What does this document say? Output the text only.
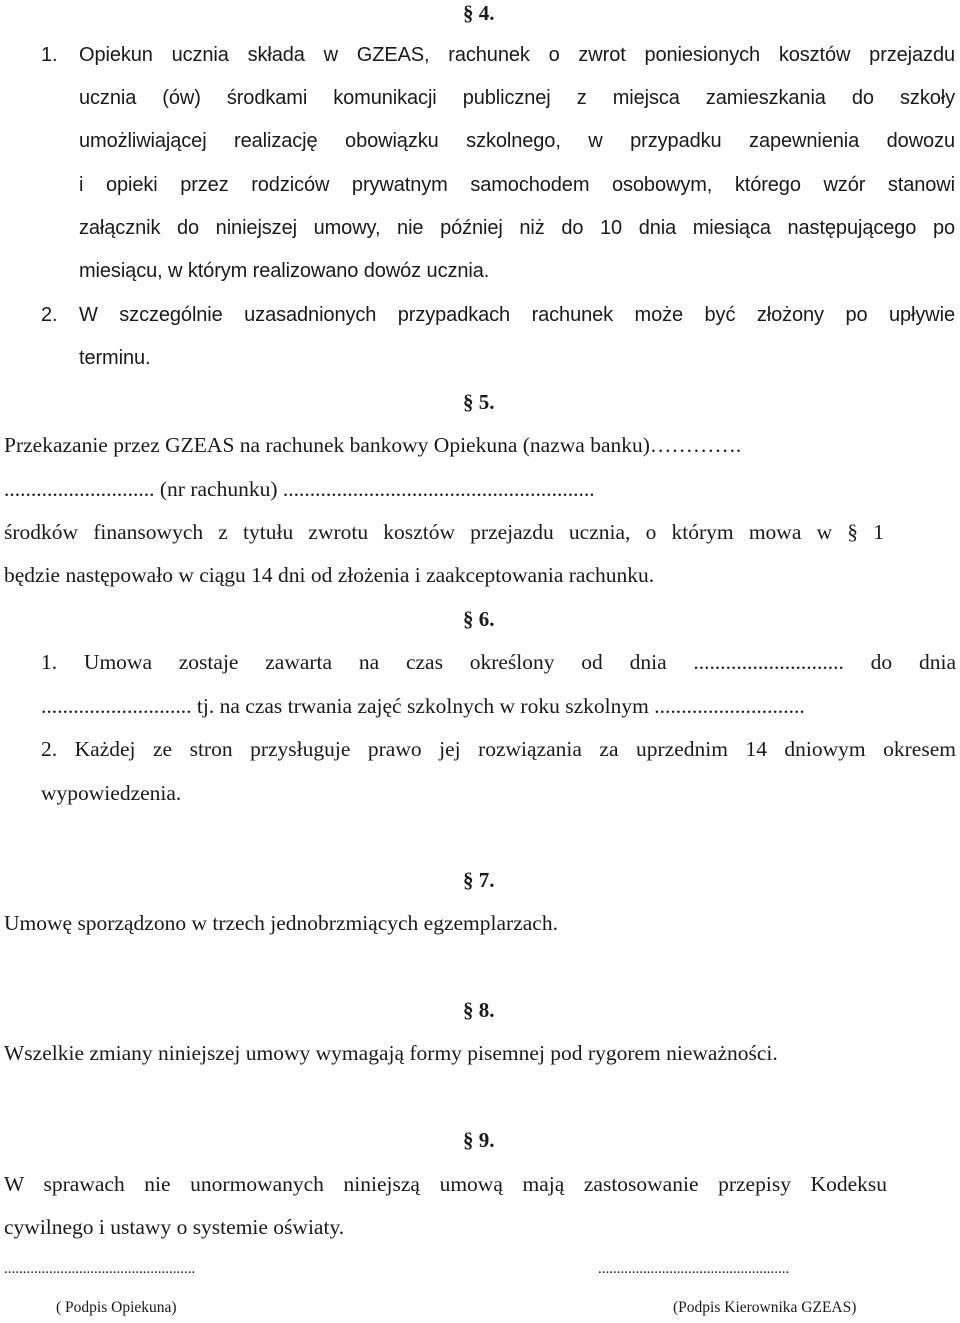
§ 4.
1. Opiekun ucznia składa w GZEAS, rachunek o zwrot poniesionych kosztów przejazdu
ucznia (ów) środkami komunikacji publicznej z miejsca zamieszkania do szkoły
umożliwiającej realizację obowiązku szkolnego, w przypadku zapewnienia dowozu
i opieki przez rodziców prywatnym samochodem osobowym, którego wzór stanowi
załącznik do niniejszej umowy, nie później niż do 10 dnia miesiąca następującego po
miesiącu, w którym realizowano dowóz ucznia.
2. W szczególnie uzasadnionych przypadkach rachunek może być złożony po upływie
terminu.
§ 5.
Przekazanie przez GZEAS na rachunek bankowy Opiekuna (nazwa banku)………….
............................ (nr rachunku) ..........................................................
środków finansowych z tytułu zwrotu kosztów przejazdu ucznia, o którym mowa w § 1
będzie następowało w ciągu 14 dni od złożenia i zaakceptowania rachunku.
§ 6.
1. Umowa zostaje zawarta na czas określony od dnia ............................ do dnia
............................ tj. na czas trwania zajęć szkolnych w roku szkolnym ............................
2. Każdej ze stron przysługuje prawo jej rozwiązania za uprzednim 14 dniowym okresem
wypowiedzenia.
§ 7.
Umowę sporządzono w trzech jednobrzmiących egzemplarzach.
§ 8.
Wszelkie zmiany niniejszej umowy wymagają formy pisemnej pod rygorem nieważności.
§ 9.
W sprawach nie unormowanych niniejszą umową mają zastosowanie przepisy Kodeksu
cywilnego i ustawy o systemie oświaty.
...................................................	...................................................
( Podpis Opiekuna)	(Podpis Kierownika GZEAS)
